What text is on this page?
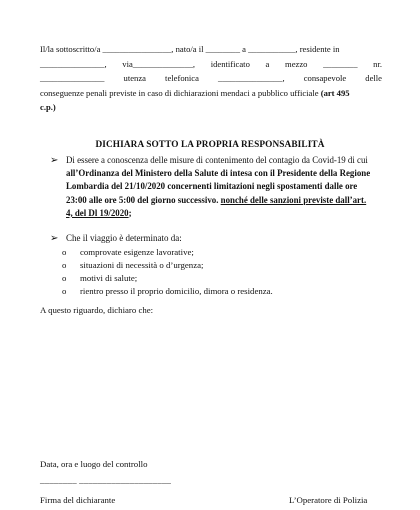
Il/la sottoscritto/a ________________, nato/a il ________ a ___________, residente in
_______________, via______________, identificato a mezzo ________ nr.
_______________ utenza telefonica _______________, consapevole delle
conseguenze penali previste in caso di dichiarazioni mendaci a pubblico ufficiale (art 495
c.p.)
DICHIARA SOTTO LA PROPRIA RESPONSABILITÀ
➢ Di essere a conoscenza delle misure di contenimento del contagio da Covid-19 di cui
all’Ordinanza del Ministero della Salute di intesa con il Presidente della Regione
Lombardia del 21/10/2020 concernenti limitazioni negli spostamenti dalle ore
23:00 alle ore 5:00 del giorno successivo. nonché delle sanzioni previste dall’art.
4, del Dl 19/2020;
➢ Che il viaggio è determinato da:
o comprovate esigenze lavorative;
o situazioni di necessità o d’urgenza;
o motivi di salute;
o rientro presso il proprio domicilio, dimora o residenza.
A questo riguardo, dichiaro che:
Data, ora e luogo del controllo
________ ____________________
Firma del dichiarante	L’Operatore di Polizia
